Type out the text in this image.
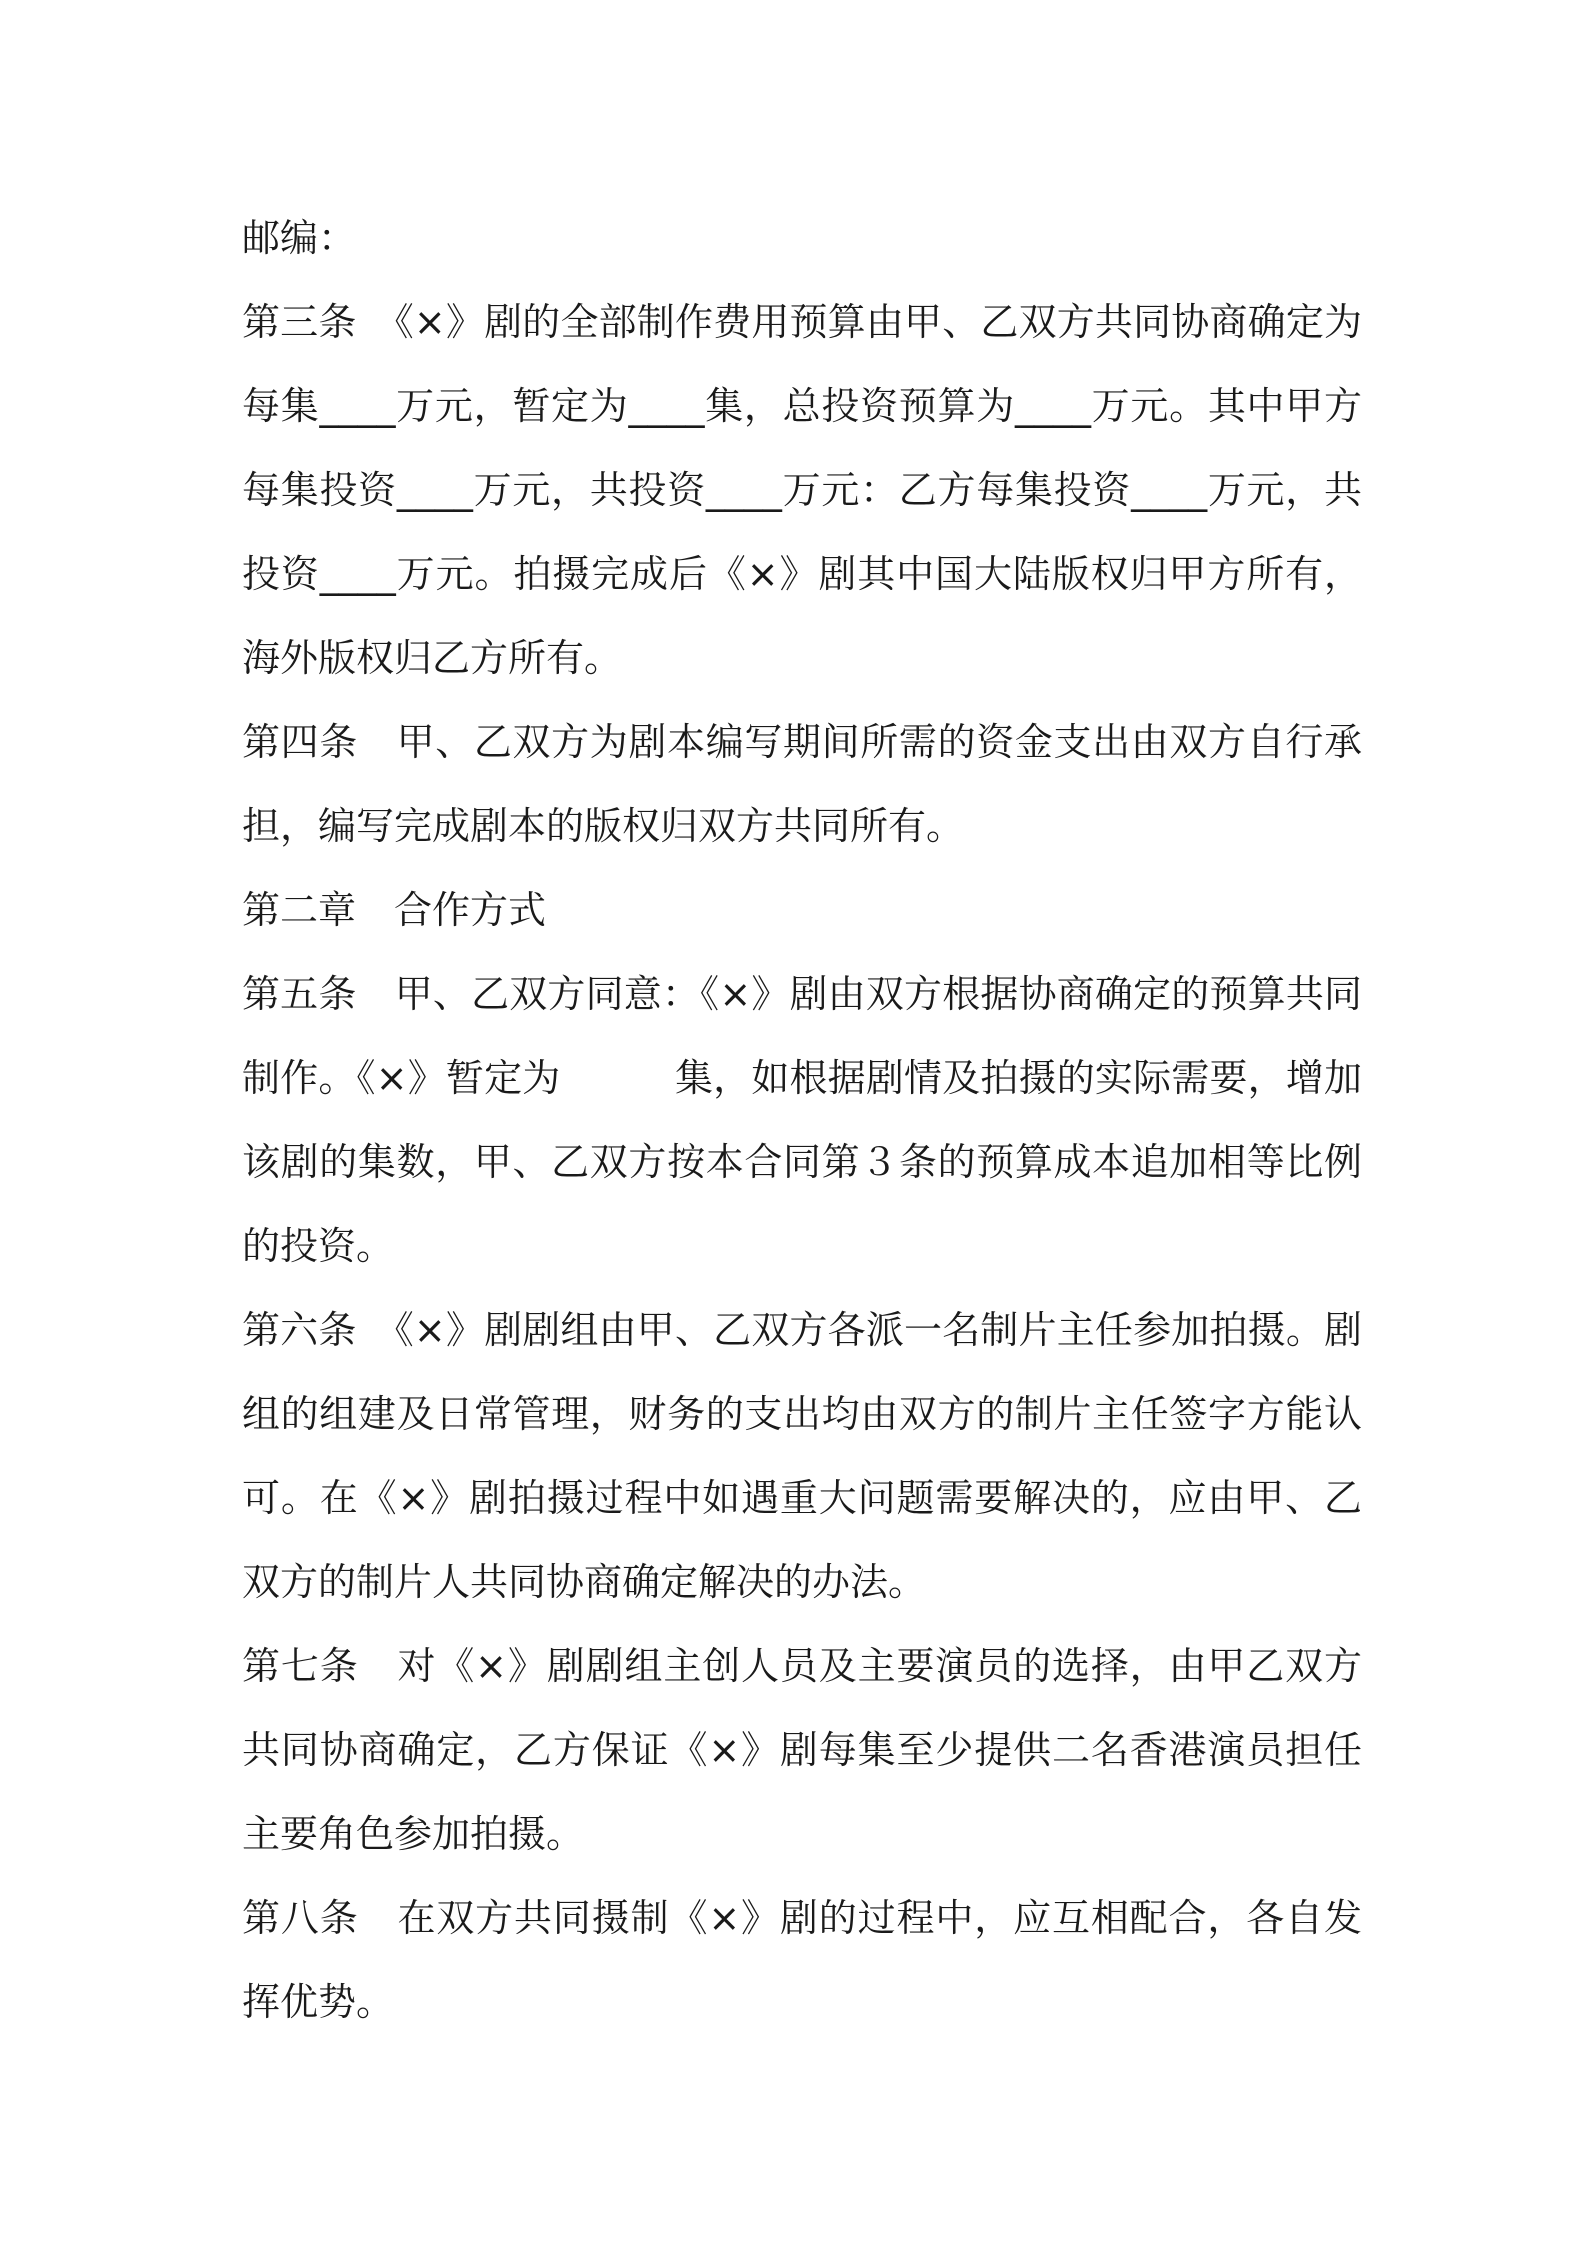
邮编：

第三条　《×》剧的全部制作费用预算由甲、乙双方共同协商确定为每集____万元，暂定为____集，总投资预算为____万元。其中甲方每集投资____万元，共投资____万元：乙方每集投资____万元，共投资____万元。拍摄完成后《×》剧其中国大陆版权归甲方所有，海外版权归乙方所有。

第四条　甲、乙双方为剧本编写期间所需的资金支出由双方自行承担，编写完成剧本的版权归双方共同所有。

第二章　合作方式

第五条　甲、乙双方同意：《×》剧由双方根据协商确定的预算共同制作。《×》暂定为　　　集，如根据剧情及拍摄的实际需要，增加该剧的集数，甲、乙双方按本合同第３条的预算成本追加相等比例的投资。

第六条　《×》剧剧组由甲、乙双方各派一名制片主任参加拍摄。剧组的组建及日常管理，财务的支出均由双方的制片主任签字方能认可。在《×》剧拍摄过程中如遇重大问题需要解决的，应由甲、乙双方的制片人共同协商确定解决的办法。

第七条　对《×》剧剧组主创人员及主要演员的选择，由甲乙双方共同协商确定，乙方保证《×》剧每集至少提供二名香港演员担任主要角色参加拍摄。

第八条　在双方共同摄制《×》剧的过程中，应互相配合，各自发挥优势。
